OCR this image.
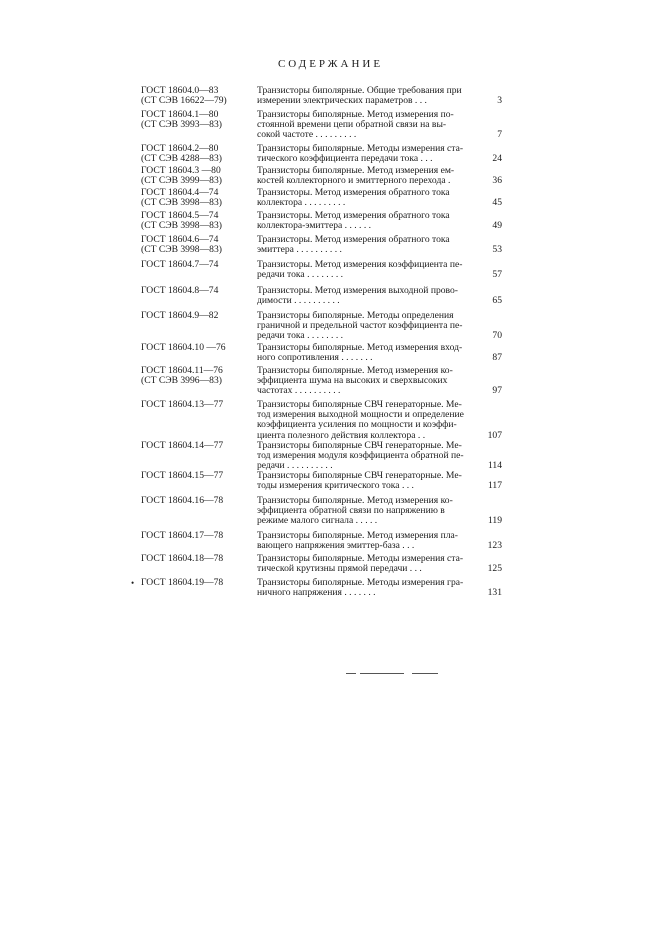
СОДЕРЖАНИЕ
ГОСТ 18604.0—83
(СТ СЭВ 16622—79)
Транзисторы биполярные. Общие требования при
измерении электрических параметров . . .	3
ГОСТ 18604.1—80
(СТ СЭВ 3993—83)
Транзисторы биполярные. Метод измерения по-
стоянной времени цепи обратной связи на вы-
сокой частоте . . . . . . . . .	7
ГОСТ 18604.2—80
(СТ СЭВ 4288—83)
Транзисторы биполярные. Методы измерения ста-
тического коэффициента передачи тока . . .	24
ГОСТ 18604.3 —80
(СТ СЭВ 3999—83)
Транзисторы биполярные. Метод измерения ем-
костей коллекторного и эмиттерного перехода .	36
ГОСТ 18604.4—74
(СТ СЭВ 3998—83)
Транзисторы. Метод измерения обратного тока
коллектора . . . . . . . . .	45
ГОСТ 18604.5—74
(СТ СЭВ 3998—83)
Транзисторы. Метод измерения обратного тока
коллектора-эмиттера . . . . . .	49
ГОСТ 18604.6—74
(СТ СЭВ 3998—83)
Транзисторы. Метод измерения обратного тока
эмиттера . . . . . . . . . .	53
ГОСТ 18604.7—74	Транзисторы. Метод измерения коэффициента пе-
редачи тока . . . . . . . .	57
ГОСТ 18604.8—74	Транзисторы. Метод измерения выходной прово-
димости . . . . . . . . . .	65
ГОСТ 18604.9—82	Транзисторы биполярные. Методы определения
граничной и предельной частот коэффициента пе-
редачи тока . . . . . . . .	70
ГОСТ 18604.10 —76	Транзисторы биполярные. Метод измерения вход-
ного сопротивления . . . . . . .	87
ГОСТ 18604.11—76
(СТ СЭВ 3996—83)
Транзисторы биполярные. Метод измерения ко-
эффициента шума на высоких и сверхвысоких
частотах . . . . . . . . . .	97
ГОСТ 18604.13—77	Транзисторы биполярные СВЧ генераторные. Ме-
тод измерения выходной мощности и определение
коэффициента усиления по мощности и коэффи-
циента полезного действия коллектора . .	107
ГОСТ 18604.14—77	Транзисторы биполярные СВЧ генераторные. Ме-
тод измерения модуля коэффициента обратной пе-
редачи . . . . . . . . . .	114
ГОСТ 18604.15—77	Транзисторы биполярные СВЧ генераторные. Ме-
тоды измерения критического тока . . .	117
ГОСТ 18604.16—78	Транзисторы биполярные. Метод измерения ко-
эффициента обратной связи по напряжению в
режиме малого сигнала . . . . .	119
ГОСТ 18604.17—78	Транзисторы биполярные. Метод измерения пла-
вающего напряжения эмиттер-база . . .	123
ГОСТ 18604.18—78	Транзисторы биполярные. Методы измерения ста-
тической крутизны прямой передачи . . .	125
• ГОСТ 18604.19—78	Транзисторы биполярные. Методы измерения гра-
ничного напряжения . . . . . . .	131
